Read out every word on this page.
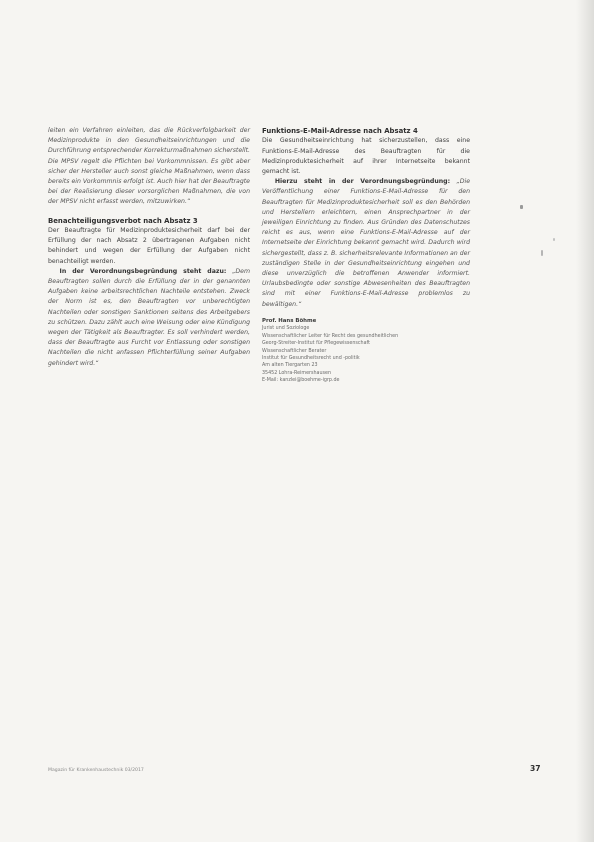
leiten ein Verfahren einleiten, das die Rückverfolgbarkeit der Medizinprodukte in den Gesundheitseinrichtungen und die Durchführung entsprechender Korrekturmaßnahmen sicherstellt. Die MPSV regelt die Pflichten bei Vorkommnissen. Es gibt aber sicher der Hersteller auch sonst gleiche Maßnahmen, wenn dass bereits ein Vorkommnis erfolgt ist. Auch hier hat der Beauftragte bei der Realisierung dieser vorsorglichen Maßnahmen, die von der MPSV nicht erfasst werden, mitzuwirken.“

Benachteiligungsverbot nach Absatz 3

Der Beauftragte für Medizinproduktesicherheit darf bei der Erfüllung der nach Absatz 2 übertragenen Aufgaben nicht behindert und wegen der Erfüllung der Aufgaben nicht benachteiligt werden.

In der Verordnungsbegründung steht dazu: „Dem Beauftragten sollen durch die Erfüllung der in der genannten Aufgaben keine arbeitsrechtlichen Nachteile entstehen. Zweck der Norm ist es, den Beauftragten vor unberechtigten Nachteilen oder sonstigen Sanktionen seitens des Arbeitgebers zu schützen. Dazu zählt auch eine Weisung oder eine Kündigung wegen der Tätigkeit als Beauftragter. Es soll verhindert werden, dass der Beauftragte aus Furcht vor Entlassung oder sonstigen Nachteilen die nicht anfassen Pflichterfüllung seiner Aufgaben gehindert wird.“

Funktions-E-Mail-Adresse nach Absatz 4

Die Gesundheitseinrichtung hat sicherzustellen, dass eine Funktions-E-Mail-Adresse des Beauftragten für die Medizinproduktesicherheit auf ihrer Internetseite bekannt gemacht ist.

Hierzu steht in der Verordnungsbegründung: „Die Veröffentlichung einer Funktions-E-Mail-Adresse für den Beauftragten für Medizinproduktesicherheit soll es den Behörden und Herstellern erleichtern, einen Ansprechpartner in der jeweiligen Einrichtung zu finden. Aus Gründen des Datenschutzes reicht es aus, wenn eine Funktions-E-Mail-Adresse auf der Internetseite der Einrichtung bekannt gemacht wird. Dadurch wird sichergestellt, dass z. B. sicherheitsrelevante Informationen an der zuständigen Stelle in der Gesundheitseinrichtung eingehen und diese unverzüglich die betroffenen Anwender informiert. Urlaubsbedingte oder sonstige Abwesenheiten des Beauftragten sind mit einer Funktions-E-Mail-Adresse problemlos zu bewältigen.“

Prof. Hans Böhme

Jurist und Soziologe

Wissenschaftlicher Leiter für Recht des gesundheitlichen

Georg-Streiter-Institut für Pflegewissenschaft

Wissenschaftlicher Berater

Institut für Gesundheitsrecht und -politik

Am alten Tiergarten 23

35452 Lohra-Reimershausen

E-Mail: kanzlei@boehme-igrp.de

Magazin für Krankenhaustechnik 03/2017	37
